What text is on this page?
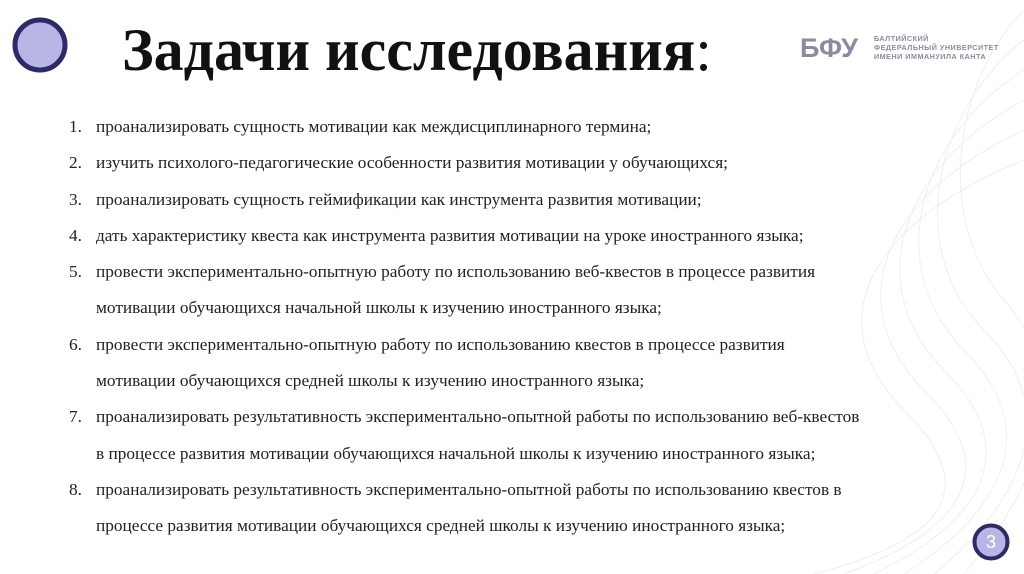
Задачи исследования:	БФУ БАЛТИЙСКИЙ
ФЕДЕРАЛЬНЫЙ УНИВЕРСИТЕТ
ИМЕНИ ИММАНУИЛА КАНТА
1. проанализировать сущность мотивации как междисциплинарного термина;
2. изучить психолого-педагогические особенности развития мотивации у обучающихся;
3. проанализировать сущность геймификации как инструмента развития мотивации;
4. дать характеристику квеста как инструмента развития мотивации на уроке иностранного языка;
5. провести экспериментально-опытную работу по использованию веб-квестов в процессе развития
мотивации обучающихся начальной школы к изучению иностранного языка;
6. провести экспериментально-опытную работу по использованию квестов в процессе развития
мотивации обучающихся средней школы к изучению иностранного языка;
7. проанализировать результативность экспериментально-опытной работы по использованию веб-квестов
в процессе развития мотивации обучающихся начальной школы к изучению иностранного языка;
8. проанализировать результативность экспериментально-опытной работы по использованию квестов в
процессе развития мотивации обучающихся средней школы к изучению иностранного языка;
3
